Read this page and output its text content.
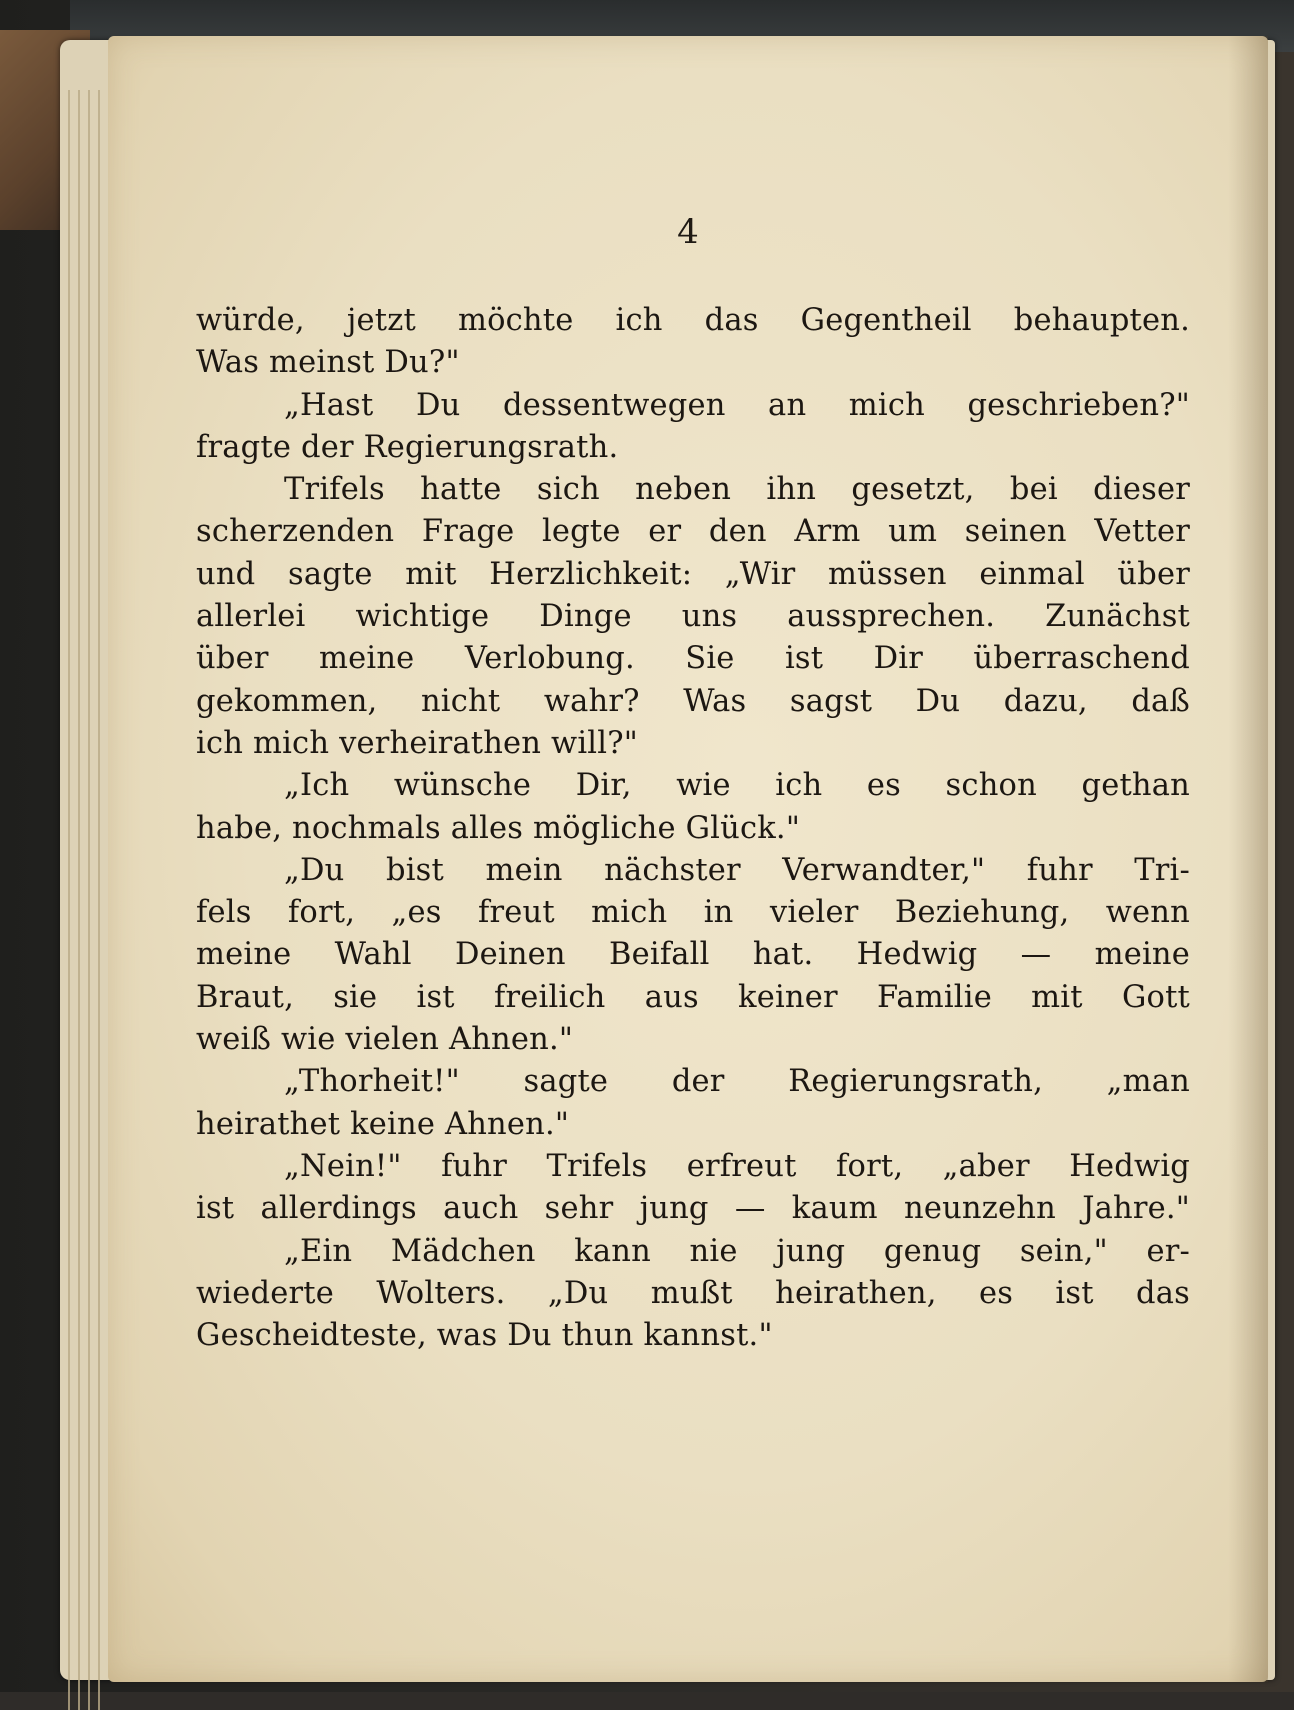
4
würde, jetzt möchte ich das Gegentheil behaupten.
Was meinst Du?"
„Hast Du dessentwegen an mich geschrieben?"
fragte der Regierungsrath.
Trifels hatte sich neben ihn gesetzt, bei dieser
scherzenden Frage legte er den Arm um seinen Vetter
und sagte mit Herzlichkeit: „Wir müssen einmal über
allerlei wichtige Dinge uns aussprechen. Zunächst
über meine Verlobung. Sie ist Dir überraschend
gekommen, nicht wahr? Was sagst Du dazu, daß
ich mich verheirathen will?"
„Ich wünsche Dir, wie ich es schon gethan
habe, nochmals alles mögliche Glück."
„Du bist mein nächster Verwandter," fuhr Tri-
fels fort, „es freut mich in vieler Beziehung, wenn
meine Wahl Deinen Beifall hat. Hedwig — meine
Braut, sie ist freilich aus keiner Familie mit Gott
weiß wie vielen Ahnen."
„Thorheit!" sagte der Regierungsrath, „man
heirathet keine Ahnen."
„Nein!" fuhr Trifels erfreut fort, „aber Hedwig
ist allerdings auch sehr jung — kaum neunzehn Jahre."
„Ein Mädchen kann nie jung genug sein," er-
wiederte Wolters. „Du mußt heirathen, es ist das
Gescheidteste, was Du thun kannst."
